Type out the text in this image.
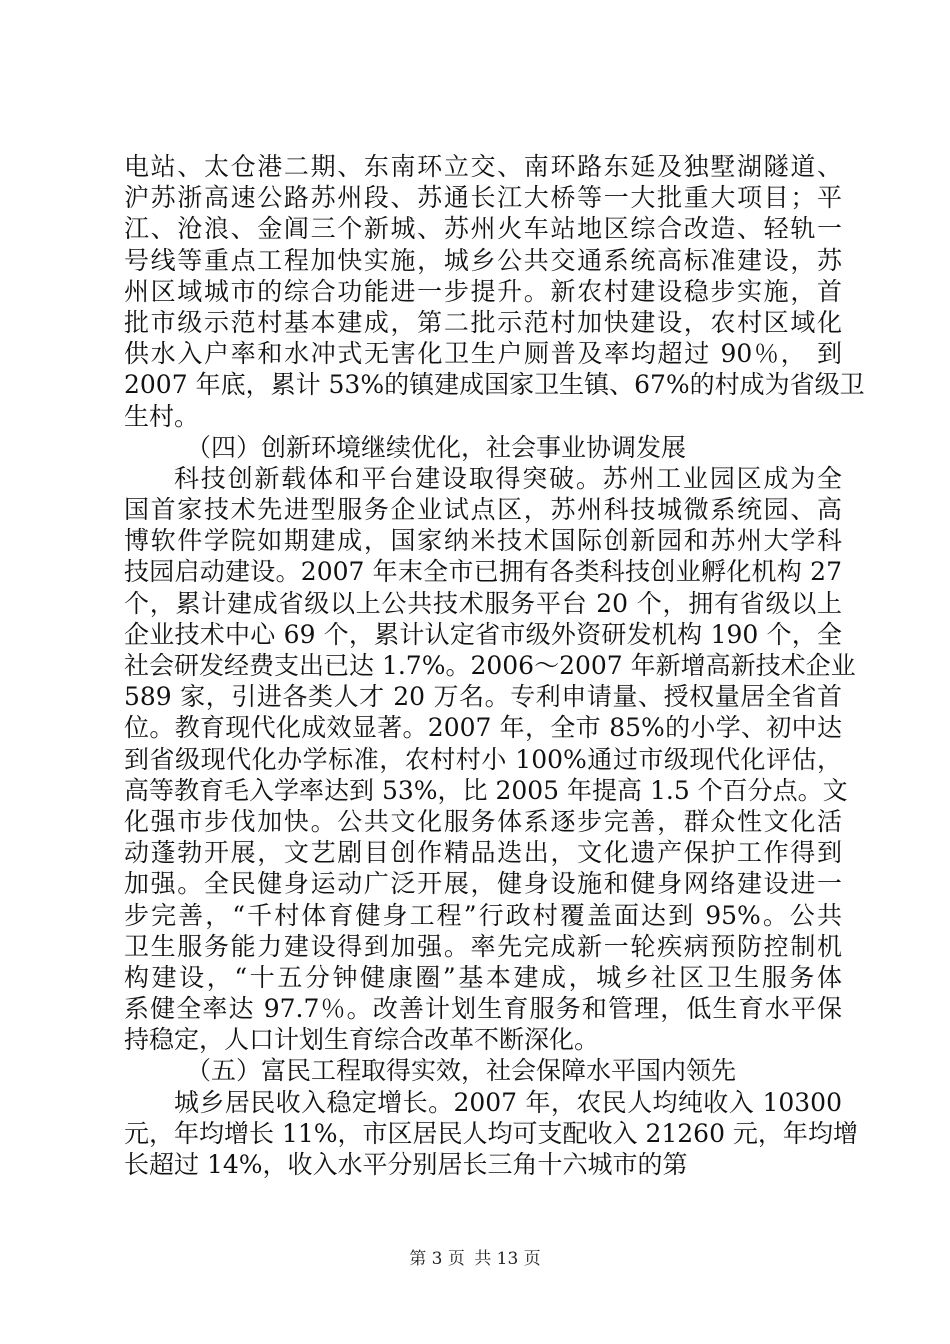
电站、太仓港二期、东南环立交、南环路东延及独墅湖隧道、
沪苏浙高速公路苏州段、苏通长江大桥等一大批重大项目；平
江、沧浪、金阊三个新城、苏州火车站地区综合改造、轻轨一
号线等重点工程加快实施，城乡公共交通系统高标准建设，苏
州区域城市的综合功能进一步提升。新农村建设稳步实施，首
批市级示范村基本建成，第二批示范村加快建设，农村区域化
供水入户率和水冲式无害化卫生户厕普及率均超过 90％， 到
2007 年底，累计 53%的镇建成国家卫生镇、67%的村成为省级卫
生村。
（四）创新环境继续优化，社会事业协调发展
科技创新载体和平台建设取得突破。苏州工业园区成为全
国首家技术先进型服务企业试点区，苏州科技城微系统园、高
博软件学院如期建成，国家纳米技术国际创新园和苏州大学科
技园启动建设。2007 年末全市已拥有各类科技创业孵化机构 27
个，累计建成省级以上公共技术服务平台 20 个，拥有省级以上
企业技术中心 69 个，累计认定省市级外资研发机构 190 个，全
社会研发经费支出已达 1.7%。2006～2007 年新增高新技术企业
589 家，引进各类人才 20 万名。专利申请量、授权量居全省首
位。教育现代化成效显著。2007 年，全市 85%的小学、初中达
到省级现代化办学标准，农村村小 100%通过市级现代化评估，
高等教育毛入学率达到 53%，比 2005 年提高 1.5 个百分点。文
化强市步伐加快。公共文化服务体系逐步完善，群众性文化活
动蓬勃开展，文艺剧目创作精品迭出，文化遗产保护工作得到
加强。全民健身运动广泛开展，健身设施和健身网络建设进一
步完善，“千村体育健身工程”行政村覆盖面达到 95%。公共
卫生服务能力建设得到加强。率先完成新一轮疾病预防控制机
构建设，“十五分钟健康圈”基本建成，城乡社区卫生服务体
系健全率达 97.7％。改善计划生育服务和管理，低生育水平保
持稳定，人口计划生育综合改革不断深化。
（五）富民工程取得实效，社会保障水平国内领先
城乡居民收入稳定增长。2007 年，农民人均纯收入 10300
元，年均增长 11%，市区居民人均可支配收入 21260 元，年均增
长超过 14%，收入水平分别居长三角十六城市的第
第 3 页 共 13 页
